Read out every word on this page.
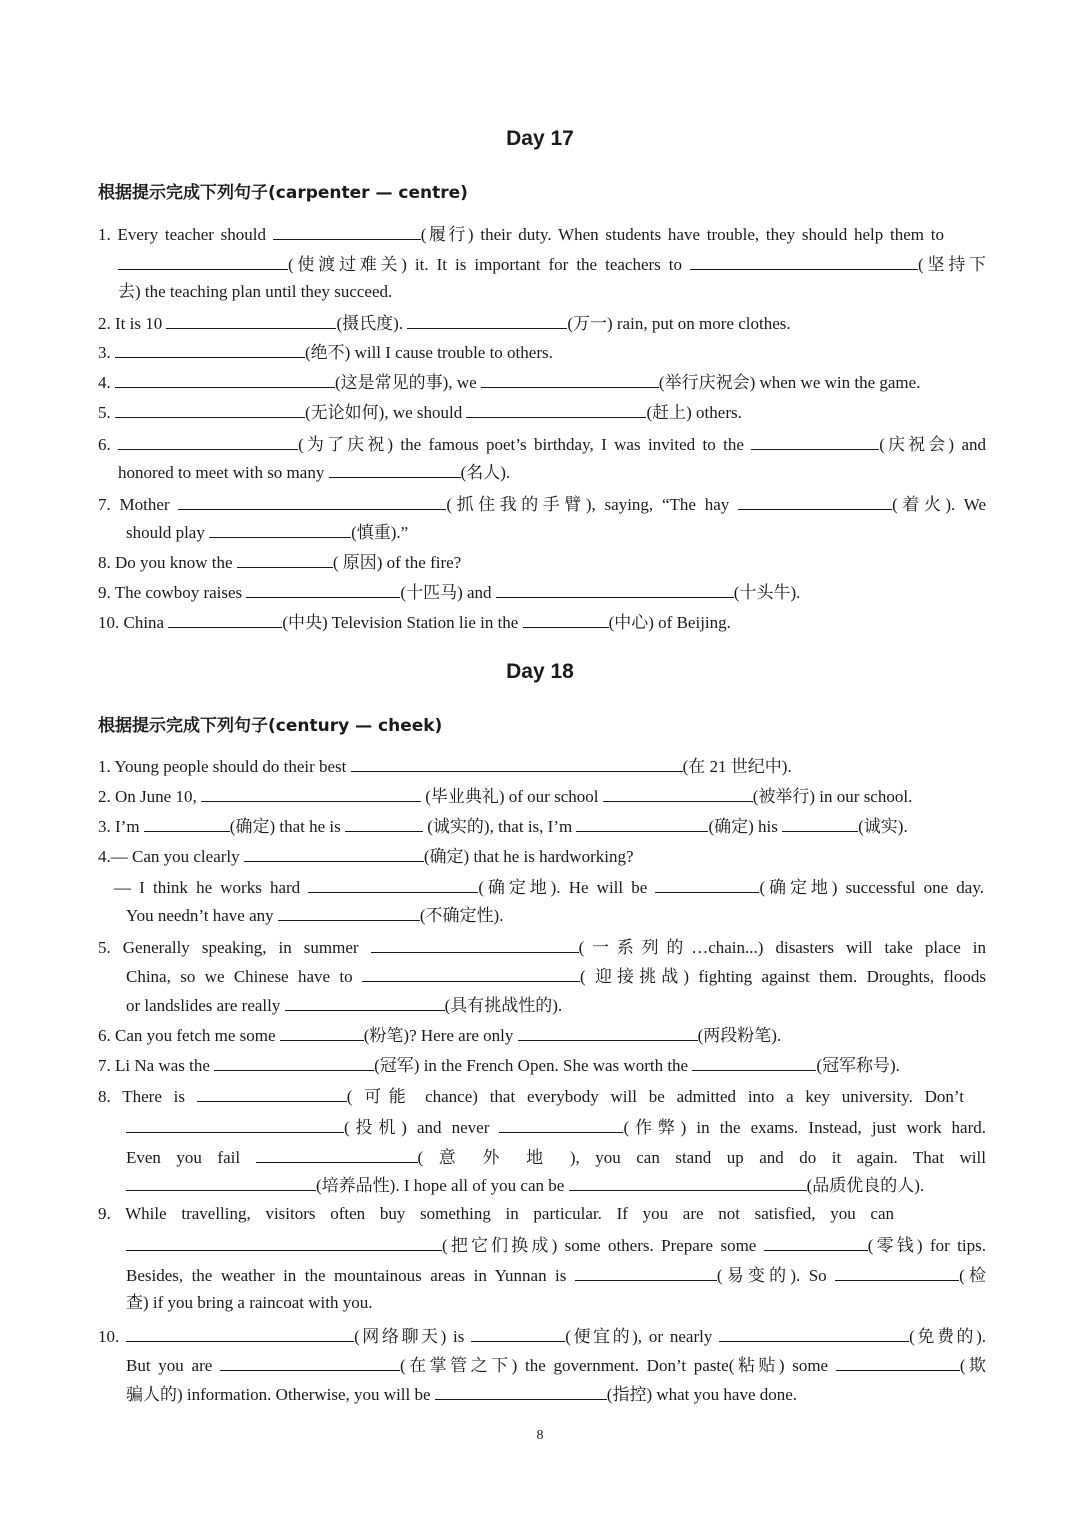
Day 17
根据提示完成下列句子(carpenter — centre)
1. Every teacher should	(履行) their duty. When students have trouble, they should help them to
(使渡过难关) it. It is important for the teachers to	(坚持下
去) the teaching plan until they succeed.
2. It is 10	(摄氏度).	(万一) rain, put on more clothes.
3.	(绝不) will I cause trouble to others.
4.	(这是常见的事), we	(举行庆祝会) when we win the game.
5.	(无论如何), we should	(赶上) others.
6.	(为了庆祝) the famous poet’s birthday, I was invited to the	(庆祝会) and
honored to meet with so many	(名人).
7. Mother	(抓住我的手臂), saying, “The hay	(着火). We
should play	(慎重).”
8. Do you know the	( 原因) of the fire?
9. The cowboy raises	(十匹马) and	(十头牛).
10. China	(中央) Television Station lie in the	(中心) of Beijing.
Day 18
根据提示完成下列句子(century — cheek)
1. Young people should do their best	(在 21 世纪中).
2. On June 10,	(毕业典礼) of our school	(被举行) in our school.
3. I’m	(确定) that he is	(诚实的), that is, I’m	(确定) his	(诚实).
4.— Can you clearly	(确定) that he is hardworking?
— I think he works hard	(确定地). He will be	(确定地) successful one day.
You needn’t have any	(不确定性).
5. Generally speaking, in summer	(一系列的…chain...) disasters will take place in
China, so we Chinese have to	( 迎接挑战) fighting against them. Droughts, floods
or landslides are really	(具有挑战性的).
6. Can you fetch me some	(粉笔)? Here are only	(两段粉笔).
7. Li Na was the	(冠军) in the French Open. She was worth the	(冠军称号).
8. There is	( 可能 chance) that everybody will be admitted into a key university. Don’t
(投机) and never	(作弊) in the exams. Instead, just work hard.
Even you fail	( 意 外 地 ), you can stand up and do it again. That will
(培养品性). I hope all of you can be	(品质优良的人).
9. While travelling, visitors often buy something in particular. If you are not satisfied, you can
(把它们换成) some others. Prepare some	(零钱) for tips.
Besides, the weather in the mountainous areas in Yunnan is	(易变的). So	(检
查) if you bring a raincoat with you.
10.	(网络聊天) is	(便宜的), or nearly	(免费的).
But you are	(在掌管之下) the government. Don’t paste(粘贴) some	(欺
骗人的) information. Otherwise, you will be	(指控) what you have done.
8
